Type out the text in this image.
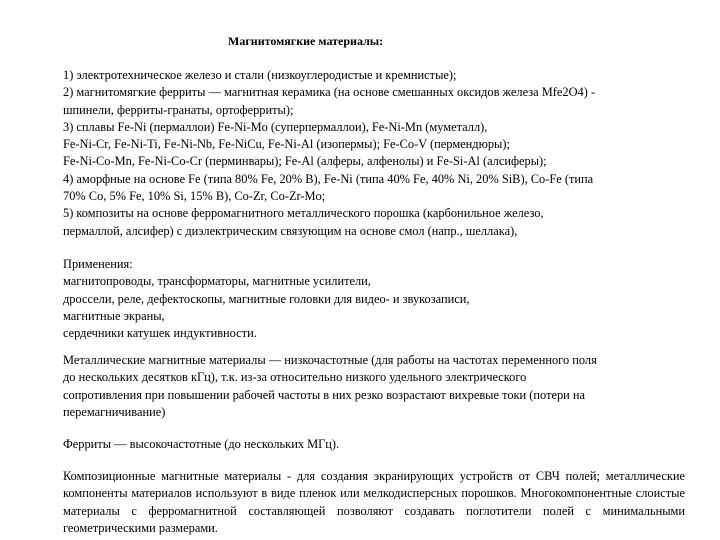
Магнитомягкие материалы:

1) электротехническое железо и стали (низкоуглеродистые и кремнистые);

2) магнитомягкие ферриты — магнитная керамика (на основе смешанных оксидов железа Mfe2O4) -

шпинели, ферриты-гранаты, ортоферриты);

3) сплавы Fe-Ni (пермаллои) Fe-Ni-Mo (суперпермаллои), Fe-Ni-Mn (муметалл),

Fe-Ni-Cr, Fe-Ni-Ti, Fe-Ni-Nb, Fe-NiCu, Fe-Ni-Al (изопермы); Fe-Co-V (пермендюры);

Fe-Ni-Co-Mn, Fe-Ni-Co-Cr (перминвары); Fe-Al (алферы, алфенолы) и Fe-Si-Al (алсиферы);

4) аморфные на основе Fe (типа 80% Fe, 20% B), Fe-Ni (типа 40% Fe, 40% Ni, 20% SiB), Co-Fe (типа

70% Co, 5% Fe, 10% Si, 15% B), Co-Zr, Co-Zr-Mo;

5) композиты на основе ферромагнитного металлического порошка (карбонильное железо,

пермаллой, алсифер) с диэлектрическим связующим на основе смол (напр., шеллака),

Применения:

магнитопроводы, трансформаторы, магнитные усилители,

дроссели, реле, дефектоскопы, магнитные головки для видео- и звукозаписи,

магнитные экраны,

сердечники катушек индуктивности.

Металлические магнитные материалы — низкочастотные (для работы на частотах переменного поля

до нескольких десятков кГц), т.к. из-за относительно низкого удельного электрического

сопротивления при повышении рабочей частоты в них резко возрастают вихревые токи (потери на

перемагничивание)

Ферриты — высокочастотные (до нескольких МГц).

Композиционные магнитные материалы - для создания экранирующих устройств от СВЧ полей; металлические компоненты материалов используют в виде пленок или мелкодисперсных порошков. Многокомпонентные слоистые материалы с ферромагнитной составляющей позволяют создавать поглотители полей с минимальными геометрическими размерами.
